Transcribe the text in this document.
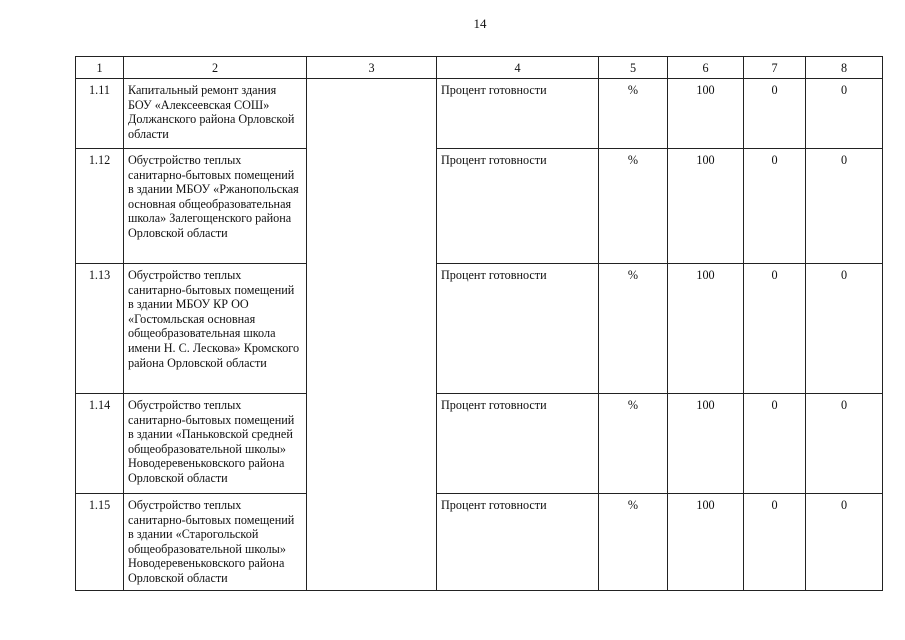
14
1	2	3	4	5	6	7	8
1.11	Капитальный ремонт здания БОУ «Алексеевская СОШ» Должанского района Орловской области		Процент готовности	%	100	0	0
1.12	Обустройство теплых санитарно-бытовых помещений в здании МБОУ «Ржанопольская основная общеобразовательная школа» Залегощенского района Орловской области		Процент готовности	%	100	0	0
1.13	Обустройство теплых санитарно-бытовых помещений в здании МБОУ КР ОО «Гостомльская основная общеобразовательная школа имени Н. С. Лескова» Кромского района Орловской области		Процент готовности	%	100	0	0
1.14	Обустройство теплых санитарно-бытовых помещений в здании «Паньковской средней общеобразовательной школы» Новодеревеньковского района Орловской области		Процент готовности	%	100	0	0
1.15	Обустройство теплых санитарно-бытовых помещений в здании «Старогольской общеобразовательной школы» Новодеревеньковского района Орловской области		Процент готовности	%	100	0	0
